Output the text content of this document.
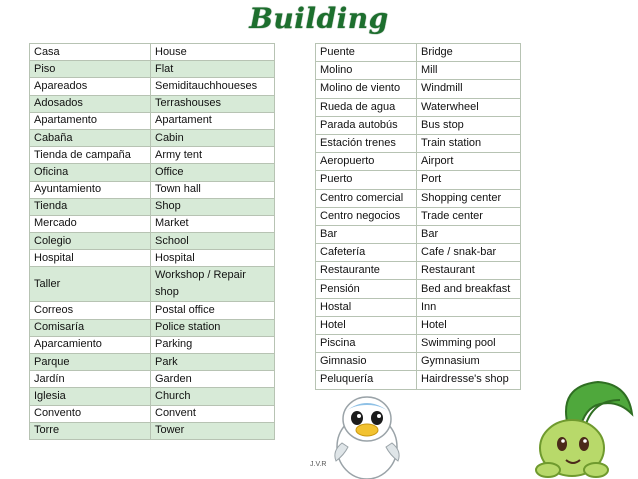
Building
Casa	House
Piso	Flat
Apareados	Semiditauchhoueses
Adosados	Terrashouses
Apartamento	Apartament
Cabaña	Cabin
Tienda de campaña	Army tent
Oficina	Office
Ayuntamiento	Town hall
Tienda	Shop
Mercado	Market
Colegio	School
Hospital	Hospital
Taller	Workshop / Repair shop
Correos	Postal office
Comisaría	Police station
Aparcamiento	Parking
Parque	Park
Jardín	Garden
Iglesia	Church
Convento	Convent
Torre	Tower
Puente	Bridge
Molino	Mill
Molino de viento	Windmill
Rueda de agua	Waterwheel
Parada autobús	Bus stop
Estación trenes	Train station
Aeropuerto	Airport
Puerto	Port
Centro comercial	Shopping center
Centro negocios	Trade center
Bar	Bar
Cafetería	Cafe / snak-bar
Restaurante	Restaurant
Pensión	Bed and breakfast
Hostal	Inn
Hotel	Hotel
Piscina	Swimming pool
Gimnasio	Gymnasium
Peluquería	Hairdresse's shop
J.V.R
